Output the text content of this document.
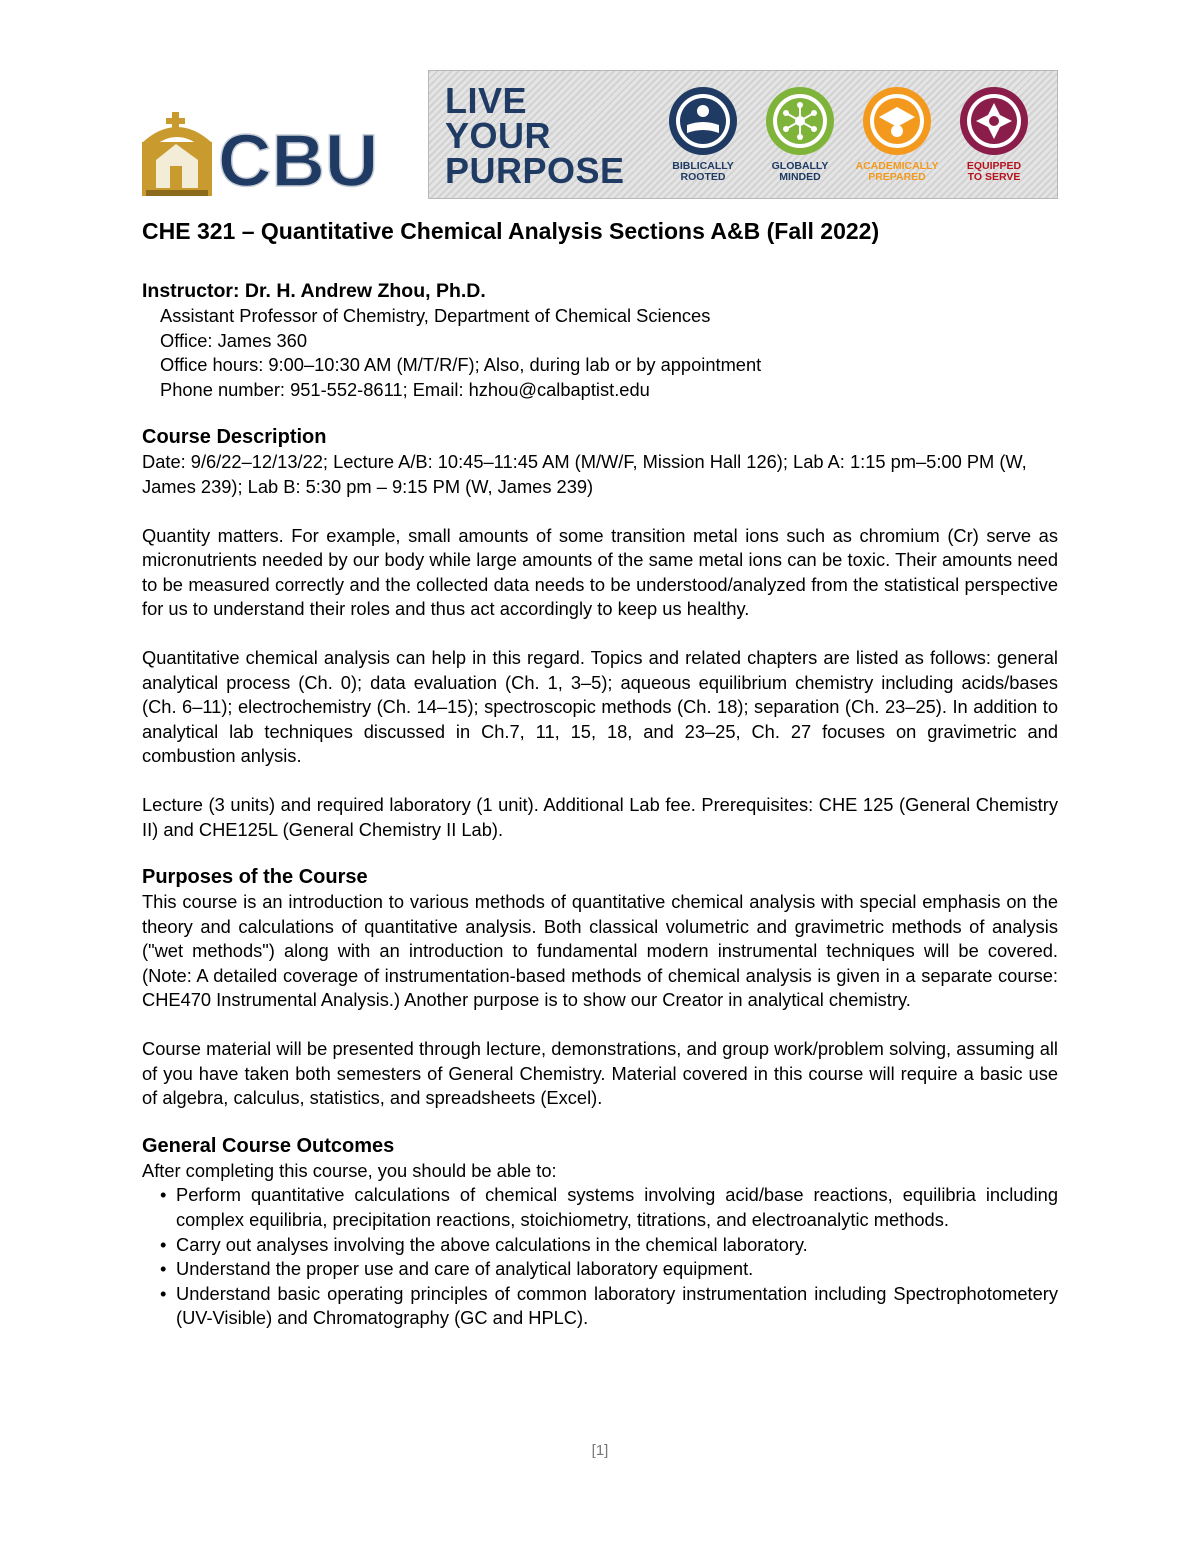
CBU
LIVE
YOUR
PURPOSE	BIBLICALLY
ROOTED
GLOBALLY
MINDED
ACADEMICALLY
PREPARED
EQUIPPED
TO SERVE
CHE 321 – Quantitative Chemical Analysis Sections A&B (Fall 2022)
Instructor: Dr. H. Andrew Zhou, Ph.D.

Assistant Professor of Chemistry, Department of Chemical Sciences

Office: James 360

Office hours: 9:00–10:30 AM (M/T/R/F); Also, during lab or by appointment

Phone number: 951-552-8611; Email: hzhou@calbaptist.edu

Course Description

Date: 9/6/22–12/13/22; Lecture A/B: 10:45–11:45 AM (M/W/F, Mission Hall 126); Lab A: 1:15 pm–5:00 PM (W, James 239); Lab B: 5:30 pm – 9:15 PM (W, James 239)

Quantity matters. For example, small amounts of some transition metal ions such as chromium (Cr) serve as micronutrients needed by our body while large amounts of the same metal ions can be toxic. Their amounts need to be measured correctly and the collected data needs to be understood/analyzed from the statistical perspective for us to understand their roles and thus act accordingly to keep us healthy.

Quantitative chemical analysis can help in this regard. Topics and related chapters are listed as follows: general analytical process (Ch. 0); data evaluation (Ch. 1, 3–5); aqueous equilibrium chemistry including acids/bases (Ch. 6–11); electrochemistry (Ch. 14–15); spectroscopic methods (Ch. 18); separation (Ch. 23–25). In addition to analytical lab techniques discussed in Ch.7, 11, 15, 18, and 23–25, Ch. 27 focuses on gravimetric and combustion anlysis.

Lecture (3 units) and required laboratory (1 unit). Additional Lab fee. Prerequisites: CHE 125 (General Chemistry II) and CHE125L (General Chemistry II Lab).

Purposes of the Course

This course is an introduction to various methods of quantitative chemical analysis with special emphasis on the theory and calculations of quantitative analysis. Both classical volumetric and gravimetric methods of analysis ("wet methods") along with an introduction to fundamental modern instrumental techniques will be covered. (Note: A detailed coverage of instrumentation-based methods of chemical analysis is given in a separate course: CHE470 Instrumental Analysis.) Another purpose is to show our Creator in analytical chemistry.

Course material will be presented through lecture, demonstrations, and group work/problem solving, assuming all of you have taken both semesters of General Chemistry. Material covered in this course will require a basic use of algebra, calculus, statistics, and spreadsheets (Excel).

General Course Outcomes

After completing this course, you should be able to:

• Perform quantitative calculations of chemical systems involving acid/base reactions, equilibria including complex equilibria, precipitation reactions, stoichiometry, titrations, and electroanalytic methods.
• Carry out analyses involving the above calculations in the chemical laboratory.
• Understand the proper use and care of analytical laboratory equipment.
• Understand basic operating principles of common laboratory instrumentation including Spectrophotometery (UV-Visible) and Chromatography (GC and HPLC).
[1]
